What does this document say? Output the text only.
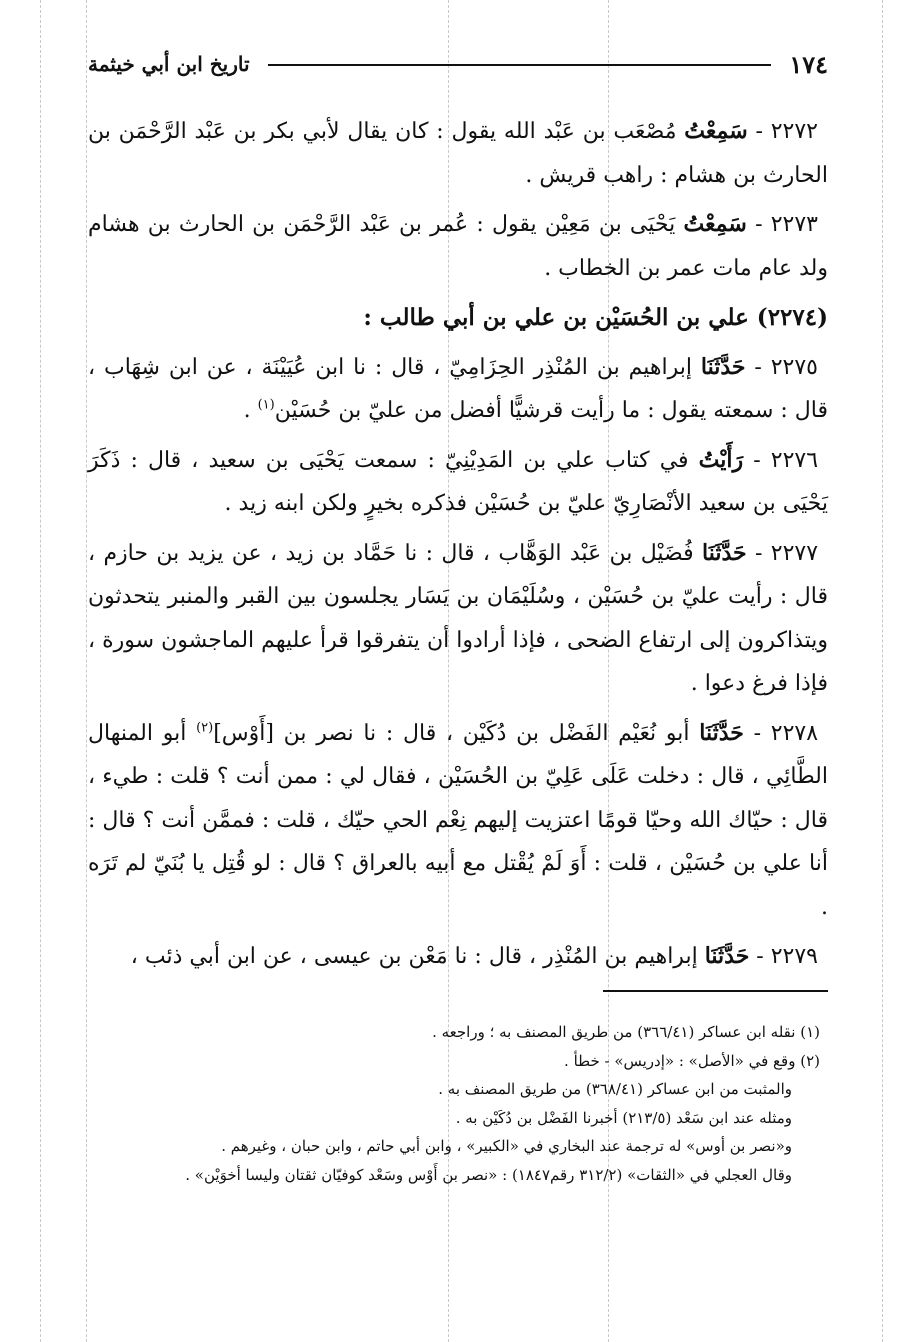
١٧٤
تاريخ ابن أبي خيثمة

٢٢٧٢ - سَمِعْتُ مُصْعَب بن عَبْد الله يقول : كان يقال لأبي بكر بن عَبْد الرَّحْمَن بن الحارث بن هشام : راهب قريش .

٢٢٧٣ - سَمِعْتُ يَحْيَى بن مَعِيْن يقول : عُمر بن عَبْد الرَّحْمَن بن الحارث بن هشام ولد عام مات عمر بن الخطاب .

(٢٢٧٤) علي بن الحُسَيْن بن علي بن أبي طالب :

٢٢٧٥ - حَدَّثَنَا إبراهيم بن المُنْذِر الحِزَامِيّ ، قال : نا ابن عُيَيْنَة ، عن ابن شِهَاب ، قال : سمعته يقول : ما رأيت قرشيًّا أفضل من عليّ بن حُسَيْن$^{(١)}$ .

٢٢٧٦ - رَأَيْتُ في كتاب علي بن المَدِيْنِيّ : سمعت يَحْيَى بن سعيد ، قال : ذَكَرَ يَحْيَى بن سعيد الأنْصَارِيّ عليّ بن حُسَيْن فذكره بخيرٍ ولكن ابنه زيد .

٢٢٧٧ - حَدَّثَنَا فُضَيْل بن عَبْد الوَهَّاب ، قال : نا حَمَّاد بن زيد ، عن يزيد بن حازم ، قال : رأيت عليّ بن حُسَيْن ، وسُلَيْمَان بن يَسَار يجلسون بين القبر والمنبر يتحدثون ويتذاكرون إلى ارتفاع الضحى ، فإذا أرادوا أن يتفرقوا قرأ عليهم الماجشون سورة ، فإذا فرغ دعوا .

٢٢٧٨ - حَدَّثَنَا أبو نُعَيْم الفَضْل بن دُكَيْن ، قال : نا نصر بن [أَوْس]$^{(٢)}$ أبو المنهال الطَّائِي ، قال : دخلت عَلَى عَلِيّ بن الحُسَيْن ، فقال لي : ممن أنت ؟ قلت : طيء ، قال : حيّاك الله وحيّا قومًا اعتزيت إليهم نِعْم الحي حيّك ، قلت : فممَّن أنت ؟ قال : أنا علي بن حُسَيْن ، قلت : أَوَ لَمْ يُقْتل مع أبيه بالعراق ؟ قال : لو قُتِل يا بُنَيّ لم تَرَه .

٢٢٧٩ - حَدَّثَنَا إبراهيم بن المُنْذِر ، قال : نا مَعْن بن عيسى ، عن ابن أبي ذئب ،

(١) نقله ابن عساكر (٣٦٦/٤١) من طريق المصنف به ؛ وراجعه .

(٢) وقع في «الأصل» : «إدريس» - خطأ .

والمثبت من ابن عساكر (٣٦٨/٤١) من طريق المصنف به .

ومثله عند ابن سَعْد (٢١٣/٥) أخبرنا الفَضْل بن دُكَيْن به .

و«نصر بن أوس» له ترجمة عند البخاري في «الكبير» ، وابن أبي حاتم ، وابن حبان ، وغيرهم .

وقال العجلي في «الثقات» (٣١٢/٢ رقم١٨٤٧) : «نصر بن أَوْس وسَعْد كوفيّان ثقتان وليسا أخوَيْن» .
